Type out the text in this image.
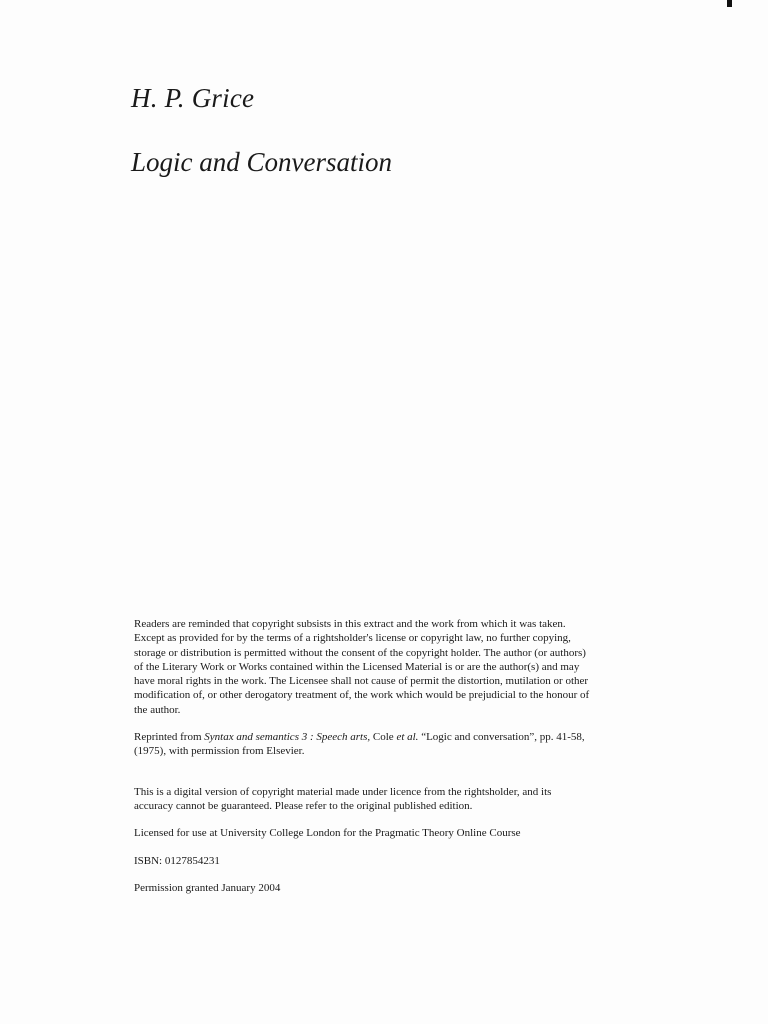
H. P. Grice
Logic and Conversation

Readers are reminded that copyright subsists in this extract and the work from which it was taken.
Except as provided for by the terms of a rightsholder's license or copyright law, no further copying,
storage or distribution is permitted without the consent of the copyright holder. The author (or authors)
of the Literary Work or Works contained within the Licensed Material is or are the author(s) and may
have moral rights in the work. The Licensee shall not cause of permit the distortion, mutilation or other
modification of, or other derogatory treatment of, the work which would be prejudicial to the honour of
the author.

Reprinted from Syntax and semantics 3 : Speech arts, Cole et al. “Logic and conversation”, pp. 41-58,
(1975), with permission from Elsevier.

This is a digital version of copyright material made under licence from the rightsholder, and its
accuracy cannot be guaranteed. Please refer to the original published edition.

Licensed for use at University College London for the Pragmatic Theory Online Course

ISBN: 0127854231

Permission granted January 2004
